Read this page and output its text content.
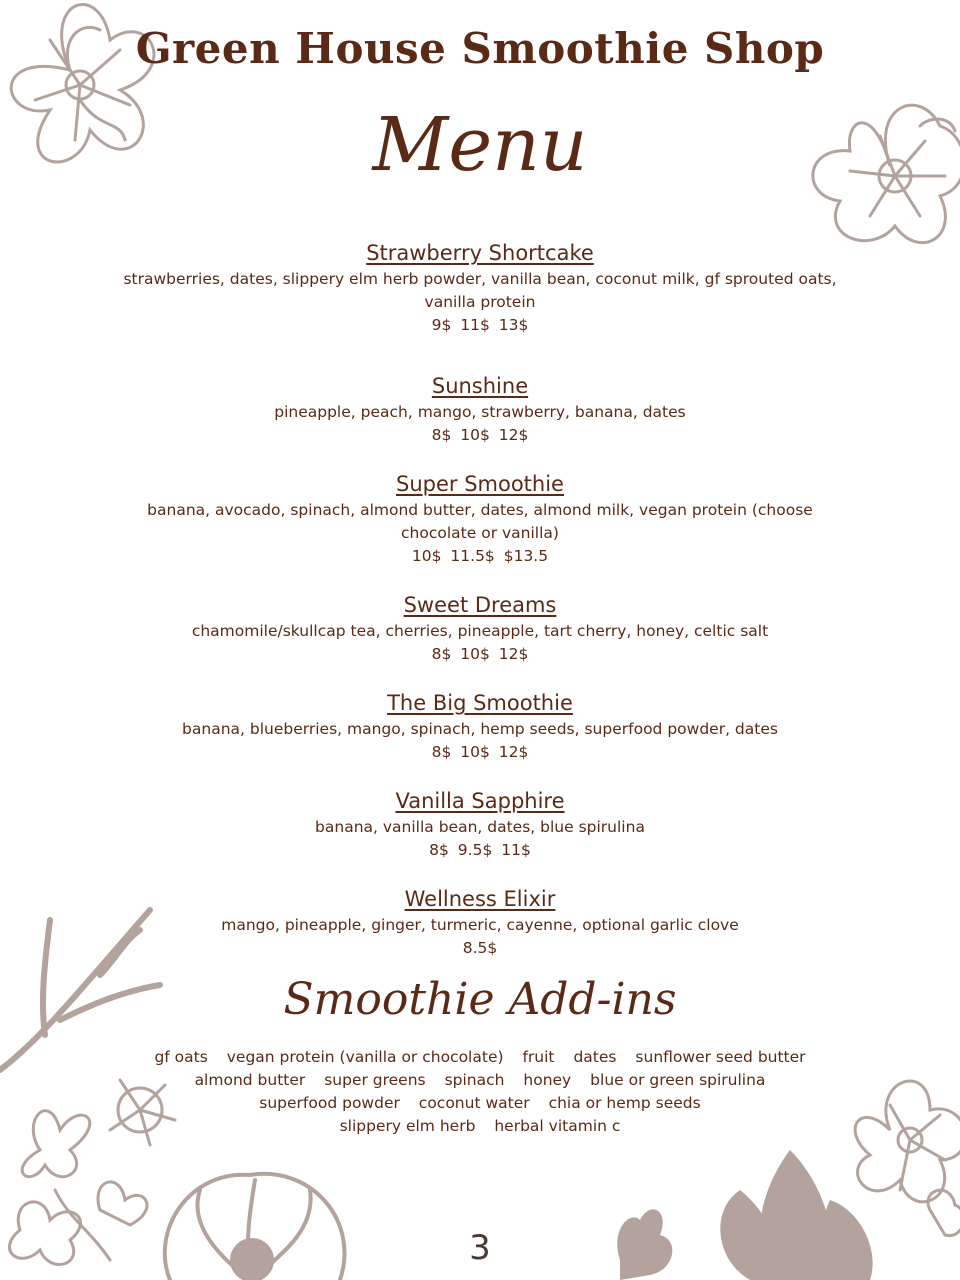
Green House Smoothie Shop
Menu
Strawberry Shortcake
strawberries, dates, slippery elm herb powder, vanilla bean, coconut milk, gf sprouted oats, vanilla protein
9$ 11$ 13$
Sunshine
pineapple, peach, mango, strawberry, banana, dates
8$ 10$ 12$
Super Smoothie
banana, avocado, spinach, almond butter, dates, almond milk, vegan protein (choose chocolate or vanilla)
10$ 11.5$ $13.5
Sweet Dreams
chamomile/skullcap tea, cherries, pineapple, tart cherry, honey, celtic salt
8$ 10$ 12$
The Big Smoothie
banana, blueberries, mango, spinach, hemp seeds, superfood powder, dates
8$ 10$ 12$
Vanilla Sapphire
banana, vanilla bean, dates, blue spirulina
8$ 9.5$ 11$
Wellness Elixir
mango, pineapple, ginger, turmeric, cayenne, optional garlic clove
8.5$
Smoothie Add-ins
gf oats vegan protein (vanilla or chocolate) fruit dates sunflower seed butter
almond butter super greens spinach honey blue or green spirulina
superfood powder coconut water chia or hemp seeds
slippery elm herb herbal vitamin c
3
